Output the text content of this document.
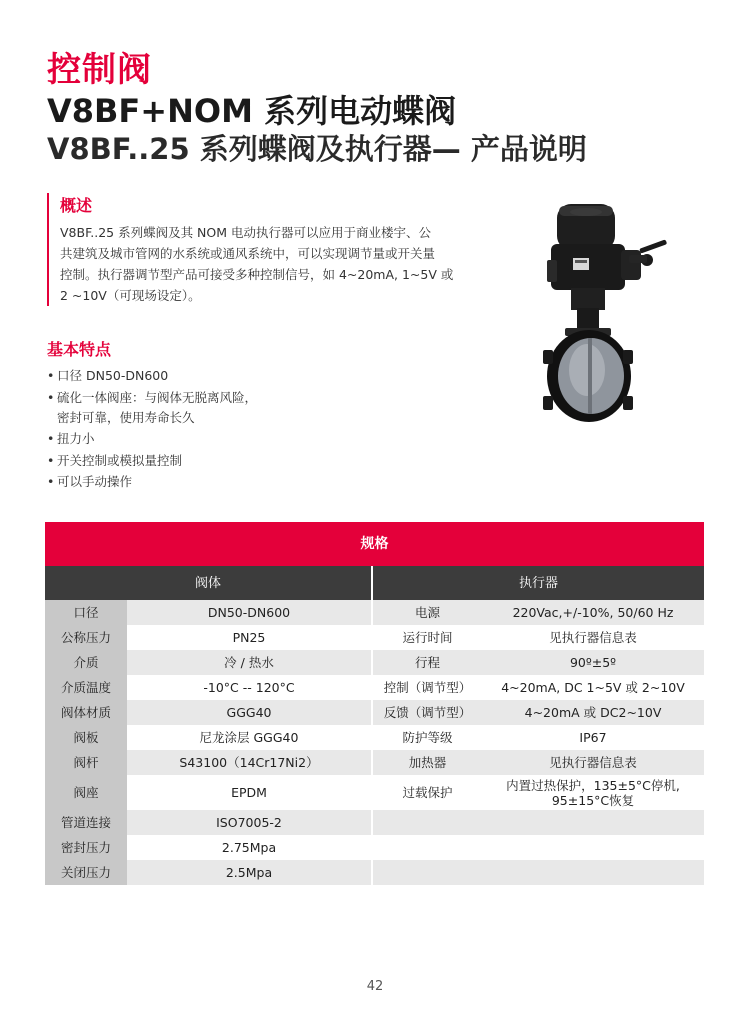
控制阀
V8BF+NOM 系列电动蝶阀
V8BF..25 系列蝶阀及执行器— 产品说明
概述

V8BF..25 系列蝶阀及其 NOM 电动执行器可以应用于商业楼宇、公
共建筑及城市管网的水系统或通风系统中，可以实现调节量或开关量
控制。执行器调节型产品可接受多种控制信号，如 4~20mA, 1~5V 或
2 ~10V（可现场设定）。

基本特点
• 口径 DN50-DN600
• 硫化一体阀座：与阀体无脱离风险，
密封可靠，使用寿命长久
• 扭力小
• 开关控制或模拟量控制
• 可以手动操作
规格			
阀体		执行器	
口径	DN50-DN600	电源	220Vac,+/-10%, 50/60 Hz
公称压力	PN25	运行时间	见执行器信息表
介质	冷 / 热水	行程	90º±5º
介质温度	-10°C -- 120°C	控制（调节型）	4~20mA, DC 1~5V 或 2~10V
阀体材质	GGG40	反馈（调节型）	4~20mA 或 DC2~10V
阀板	尼龙涂层 GGG40	防护等级	IP67
阀杆	S43100（14Cr17Ni2）	加热器	见执行器信息表
阀座	EPDM	过载保护	内置过热保护，135±5°C停机,
95±15°C恢复
管道连接	ISO7005-2		
密封压力	2.75Mpa		
关闭压力	2.5Mpa		
42
